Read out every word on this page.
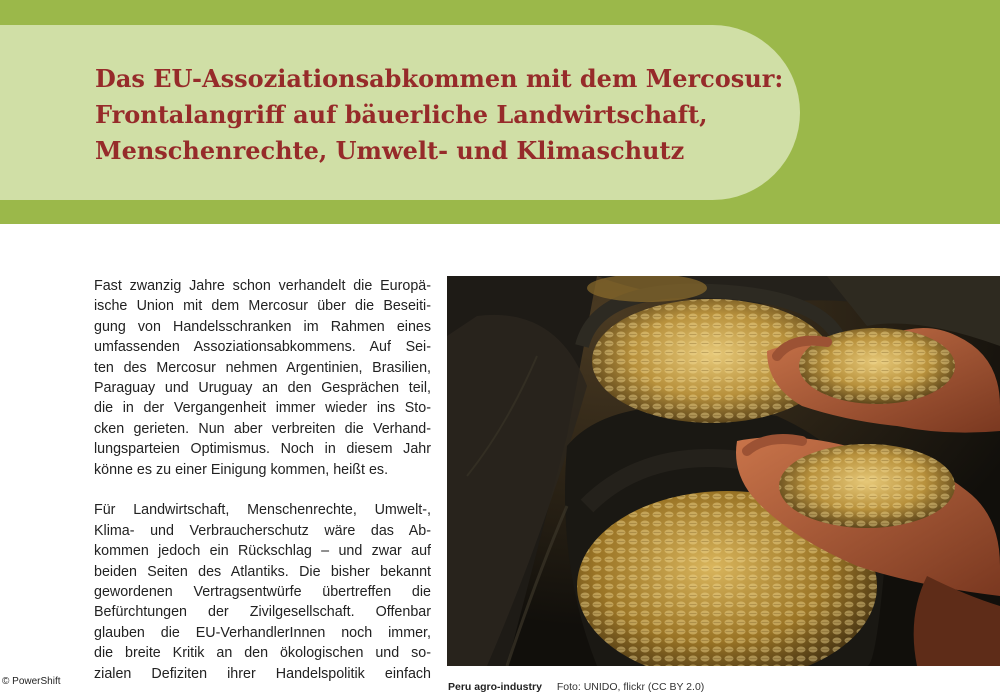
Das EU-Assoziationsabkommen mit dem Mercosur:
Frontalangriff auf bäuerliche Landwirtschaft,
Menschenrechte, Umwelt- und Klimaschutz

Fast zwanzig Jahre schon verhandelt die Europä-
ische Union mit dem Mercosur über die Beseiti-
gung von Handelsschranken im Rahmen eines
umfassenden Assoziationsabkommens. Auf Sei-
ten des Mercosur nehmen Argentinien, Brasilien,
Paraguay und Uruguay an den Gesprächen teil,
die in der Vergangenheit immer wieder ins Sto-
cken gerieten. Nun aber verbreiten die Verhand-
lungsparteien Optimismus. Noch in diesem Jahr
könne es zu einer Einigung kommen, heißt es.

Für Landwirtschaft, Menschenrechte, Umwelt-,
Klima- und Verbraucherschutz wäre das Ab-
kommen jedoch ein Rückschlag – und zwar auf
beiden Seiten des Atlantiks. Die bisher bekannt
gewordenen Vertragsentwürfe übertreffen die
Befürchtungen der Zivilgesellschaft. Offenbar
glauben die EU-VerhandlerInnen noch immer,
die breite Kritik an den ökologischen und so-
zialen Defiziten ihrer Handelspolitik einfach

Peru agro-industry Foto: UNIDO, flickr (CC BY 2.0)
© PowerShift
